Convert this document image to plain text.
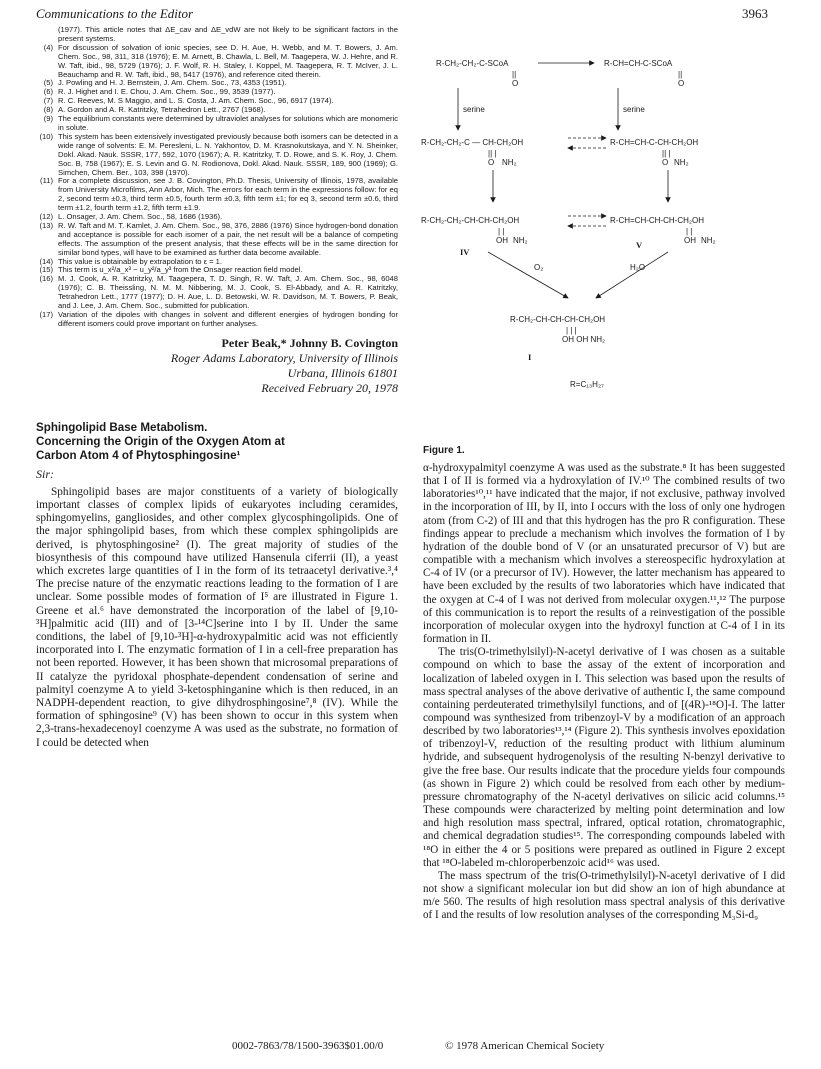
Communications to the Editor	3963
(1977). This article notes that ΔE_cav and ΔE_vdW are not likely to be significant factors in the present systems.
(4) For discussion of solvation of ionic species, see D. H. Aue, H. Webb, and M. T. Bowers, J. Am. Chem. Soc., 98, 311, 318 (1976); E. M. Arnett, B. Chawla, L. Bell, M. Taagepera, W. J. Hehre, and R. W. Taft, ibid., 98, 5729 (1976); J. F. Wolf, R. H. Staley, I. Koppel, M. Taagepera, R. T. McIver, J. L. Beauchamp and R. W. Taft, ibid., 98, 5417 (1976), and reference cited therein.
(5) J. Powling and H. J. Bernstein, J. Am. Chem. Soc., 73, 4353 (1951).
(6) R. J. Highet and I. E. Chou, J. Am. Chem. Soc., 99, 3539 (1977).
(7) R. C. Reeves, M. S Maggio, and L. S. Costa, J. Am. Chem. Soc., 96, 6917 (1974).
(8) A. Gordon and A. R. Katritzky, Tetrahedron Lett., 2767 (1968).
(9) The equilibrium constants were determined by ultraviolet analyses for solutions which are monomeric in solute.
(10) This system has been extensively investigated previously because both isomers can be detected in a wide range of solvents: E. M. Peresleni, L. N. Yakhontov, D. M. Krasnokutskaya, and Y. N. Sheinker, Dokl. Akad. Nauk. SSSR, 177, 592, 1070 (1967); A. R. Katritzky, T. D. Rowe, and S. K. Roy, J. Chem. Soc. B, 758 (1967); E. S. Levin and G. N. Rodionova, Dokl. Akad. Nauk. SSSR, 189, 900 (1969); G. Simchen, Chem. Ber., 103, 398 (1970).
(11) For a complete discussion, see J. B. Covington, Ph.D. Thesis, University of Illinois, 1978, available from University Microfilms, Ann Arbor, Mich. The errors for each term in the expressions follow: for eq 2, second term ±0.3, third term ±0.5, fourth term ±0.3, fifth term ±1; for eq 3, second term ±0.6, third term ±1.2, fourth term ±1.2, fifth term ±1.9.
(12) L. Onsager, J. Am. Chem. Soc., 58, 1686 (1936).
(13) R. W. Taft and M. T. Kamlet, J. Am. Chem. Soc., 98, 376, 2886 (1976) Since hydrogen-bond donation and acceptance is possible for each isomer of a pair, the net result will be a balance of competing effects. The assumption of the present analysis, that these effects will be in the same direction for similar bond types, will have to be examined as further data become available.
(14) This value is obtainable by extrapolation to ε = 1.
(15) This term is u_x²/a_x³ − u_y²/a_y³ from the Onsager reaction field model.
(16) M. J. Cook, A. R. Katritzky, M. Taagepera, T. D. Singh, R. W. Taft, J. Am. Chem. Soc., 98, 6048 (1976); C. B. Theissling, N. M. M. Nibbering, M. J. Cook, S. El-Abbady, and A. R. Katritzky, Tetrahedron Lett., 1777 (1977); D. H. Aue, L. D. Betowski, W. R. Davidson, M. T. Bowers, P. Beak, and J. Lee, J. Am. Chem. Soc., submitted for publication.
(17) Variation of the dipoles with changes in solvent and different energies of hydrogen bonding for different isomers could prove important on further analyses.
Peter Beak,* Johnny B. Covington
Roger Adams Laboratory, University of Illinois
Urbana, Illinois 61801
Received February 20, 1978
Sphingolipid Base Metabolism.
Concerning the Origin of the Oxygen Atom at
Carbon Atom 4 of Phytosphingosine¹
Sir:

Sphingolipid bases are major constituents of a variety of biologically important classes of complex lipids of eukaryotes including ceramides, sphingomyelins, gangliosides, and other complex glycosphingolipids. One of the major sphingolipid bases, from which these complex sphingolipids are derived, is phytosphingosine² (I). The great majority of studies of the biosynthesis of this compound have utilized Hansenula ciferrii (II), a yeast which excretes large quantities of I in the form of its tetraacetyl derivative.³,⁴ The precise nature of the enzymatic reactions leading to the formation of I are unclear. Some possible modes of formation of I⁵ are illustrated in Figure 1. Greene et al.⁶ have demonstrated the incorporation of the label of [9,10-³H]palmitic acid (III) and of [3-¹⁴C]serine into I by II. Under the same conditions, the label of [9,10-³H]-α-hydroxypalmitic acid was not efficiently incorporated into I. The enzymatic formation of I in a cell-free preparation has not been reported. However, it has been shown that microsomal preparations of II catalyze the pyridoxal phosphate-dependent condensation of serine and palmityl coenzyme A to yield 3-ketosphinganine which is then reduced, in an NADPH-dependent reaction, to give dihydrosphingosine⁷,⁸ (IV). While the formation of sphingosine⁹ (V) has been shown to occur in this system when 2,3-trans-hexadecenoyl coenzyme A was used as the substrate, no formation of I could be detected when

R-CH₂-CH₂-C-SCoA	R-CH=CH-C-SCoA
||
O
||
O
serine	serine
R-CH₂-CH₂-C — CH-CH₂OH	R-CH=CH-C-CH-CH₂OH
|| |
O NH₂
|| |
O NH₂
R-CH₂-CH₂-CH-CH-CH₂OH	R-CH=CH-CH-CH-CH₂OH
| |
OH NH₂
| |
OH NH₂
IV
V
O₂	H₂O
R-CH₂-CH-CH-CH-CH₂OH
| | |
OH OH NH₂
I
R=C₁₃H₂₇
Figure 1.

α-hydroxypalmityl coenzyme A was used as the substrate.⁸ It has been suggested that I of II is formed via a hydroxylation of IV.¹⁰ The combined results of two laboratories¹⁰,¹¹ have indicated that the major, if not exclusive, pathway involved in the incorporation of III, by II, into I occurs with the loss of only one hydrogen atom (from C-2) of III and that this hydrogen has the pro R configuration. These findings appear to preclude a mechanism which involves the formation of I by hydration of the double bond of V (or an unsaturated precursor of V) but are compatible with a mechanism which involves a stereospecific hydroxylation at C-4 of IV (or a precursor of IV). However, the latter mechanism has appeared to have been excluded by the results of two laboratories which have indicated that the oxygen at C-4 of I was not derived from molecular oxygen.¹¹,¹² The purpose of this communication is to report the results of a reinvestigation of the possible incorporation of molecular oxygen into the hydroxyl function at C-4 of I in its formation in II.

The tris(O-trimethylsilyl)-N-acetyl derivative of I was chosen as a suitable compound on which to base the assay of the extent of incorporation and localization of labeled oxygen in I. This selection was based upon the results of mass spectral analyses of the above derivative of authentic I, the same compound containing perdeuterated trimethylsilyl functions, and of [(4R)-¹⁸O]-I. The latter compound was synthesized from tribenzoyl-V by a modification of an approach described by two laboratories¹³,¹⁴ (Figure 2). This synthesis involves epoxidation of tribenzoyl-V, reduction of the resulting product with lithium aluminum hydride, and subsequent hydrogenolysis of the resulting N-benzyl derivative to give the free base. Our results indicate that the procedure yields four compounds (as shown in Figure 2) which could be resolved from each other by medium-pressure chromatography of the N-acetyl derivatives on silicic acid columns.¹⁵ These compounds were characterized by melting point determination and low and high resolution mass spectral, infrared, optical rotation, chromatographic, and chemical degradation studies¹⁵. The corresponding compounds labeled with ¹⁸O in either the 4 or 5 positions were prepared as outlined in Figure 2 except that ¹⁸O-labeled m-chloroperbenzoic acid¹⁶ was used.

The mass spectrum of the tris(O-trimethylsilyl)-N-acetyl derivative of I did not show a significant molecular ion but did show an ion of high abundance at m/e 560. The results of high resolution mass spectral analysis of this derivative of I and the results of low resolution analyses of the corresponding M₃Si-d₉

0002-7863/78/1500-3963$01.00/0	© 1978 American Chemical Society
